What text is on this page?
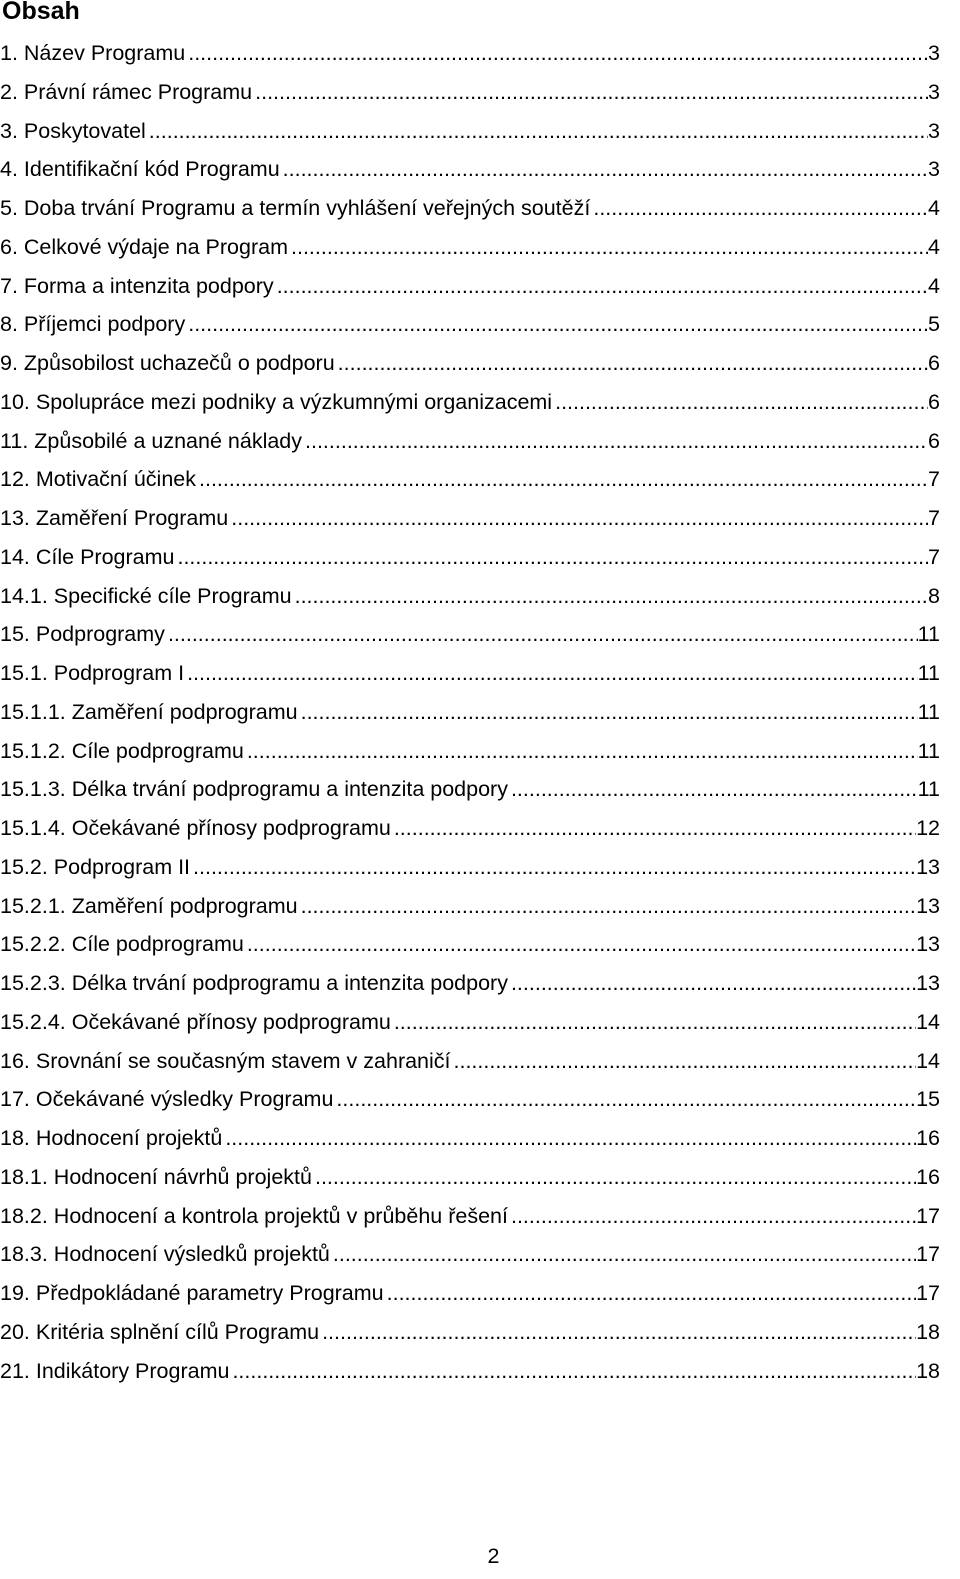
Obsah
1. Název Programu .....	3
2. Právní rámec Programu .....	3
3. Poskytovatel .....	3
4. Identifikační kód Programu .....	3
5. Doba trvání Programu a termín vyhlášení veřejných soutěží .....	4
6. Celkové výdaje na Program .....	4
7. Forma a intenzita podpory .....	4
8. Příjemci podpory .....	5
9. Způsobilost uchazečů o podporu .....	6
10. Spolupráce mezi podniky a výzkumnými organizacemi .....	6
11. Způsobilé a uznané náklady .....	6
12. Motivační účinek .....	7
13. Zaměření Programu .....	7
14. Cíle Programu .....	7
14.1. Specifické cíle Programu .....	8
15. Podprogramy .....	11
15.1. Podprogram I .....	11
15.1.1. Zaměření podprogramu .....	11
15.1.2. Cíle podprogramu .....	11
15.1.3. Délka trvání podprogramu a intenzita podpory .....	11
15.1.4. Očekávané přínosy podprogramu .....	12
15.2. Podprogram II .....	13
15.2.1. Zaměření podprogramu .....	13
15.2.2. Cíle podprogramu .....	13
15.2.3. Délka trvání podprogramu a intenzita podpory .....	13
15.2.4. Očekávané přínosy podprogramu .....	14
16. Srovnání se současným stavem v zahraničí .....	14
17. Očekávané výsledky Programu .....	15
18. Hodnocení projektů .....	16
18.1. Hodnocení návrhů projektů .....	16
18.2. Hodnocení a kontrola projektů v průběhu řešení .....	17
18.3. Hodnocení výsledků projektů .....	17
19. Předpokládané parametry Programu .....	17
20. Kritéria splnění cílů Programu .....	18
21. Indikátory Programu .....	18
2
